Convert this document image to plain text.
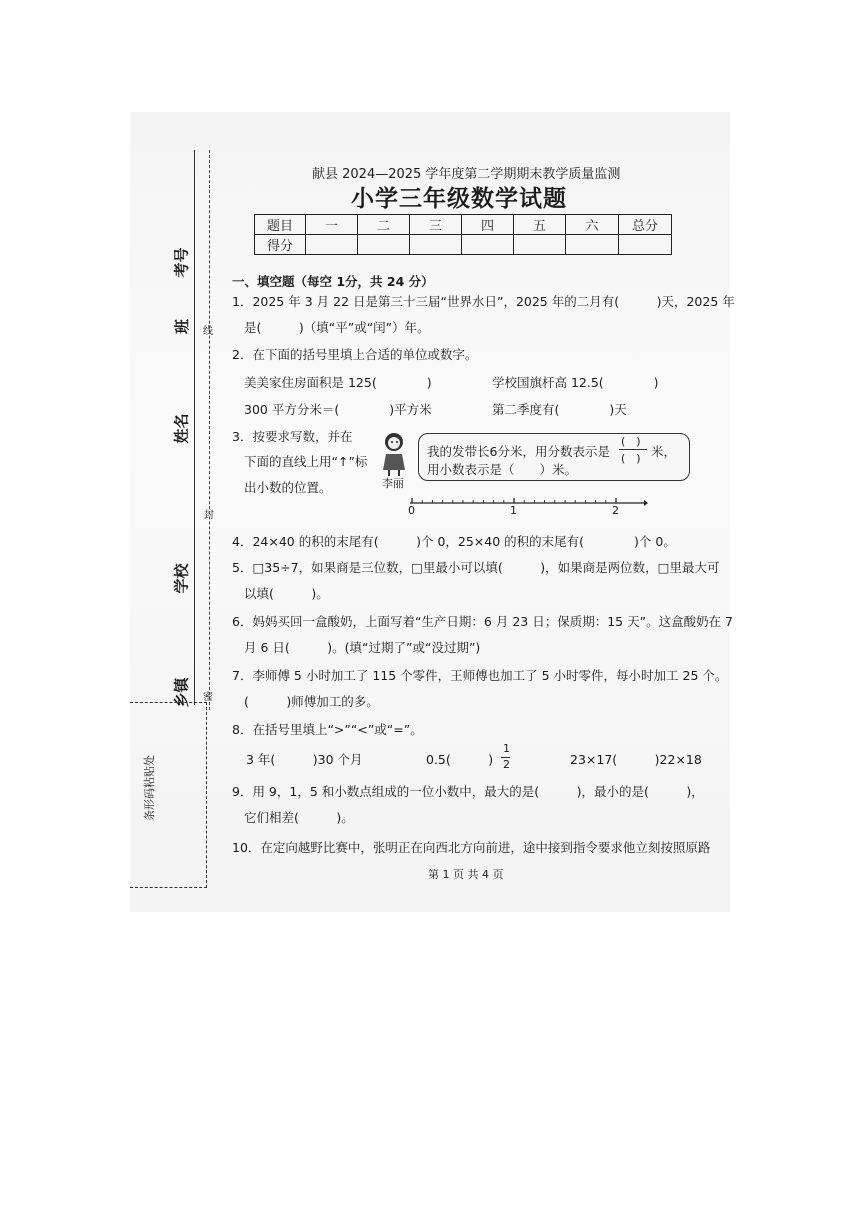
考号
班
姓名
学校
乡镇
线
封
密
条形码粘贴处
献县 2024—2025 学年度第二学期期末教学质量监测
小学三年级数学试题
题目	一	二	三	四	五	六	总分
得分							
一、填空题（每空 1分，共 24 分）
1．2025 年 3 月 22 日是第三十三届“世界水日”，2025 年的二月有(　　　)天，2025 年
是(　　　)（填“平”或“闰”）年。
2．在下面的括号里填上合适的单位或数字。
美美家住房面积是 125(　　　　)	学校国旗杆高 12.5(　　　　)
300 平方分米＝(　　　　)平方米	第二季度有(　　　　)天
3．按要求写数，并在
下面的直线上用“↑”标
出小数的位置。	李丽
我的发带长6分米，用分数表示是
(　)
(　) 米，
用小数表示是（　　）米。
0	1	2
4．24×40 的积的末尾有(　　　)个 0，25×40 的积的末尾有(　　　　)个 0。
5．□35÷7，如果商是三位数，□里最小可以填(　　　)，如果商是两位数，□里最大可
以填(　　　)。
6．妈妈买回一盒酸奶，上面写着“生产日期：6 月 23 日；保质期：15 天”。这盒酸奶在 7
月 6 日(　　　)。(填“过期了”或“没过期”)
7．李师傅 5 小时加工了 115 个零件，王师傅也加工了 5 小时零件，每小时加工 25 个。
(　　　)师傅加工的多。
8．在括号里填上“>”“<”或“=”。
3 年(　　　)30 个月	0.5(　　　)
1
2	23×17(　　　)22×18
9．用 9，1，5 和小数点组成的一位小数中，最大的是(　　　)，最小的是(　　　)，
它们相差(　　　)。
10．在定向越野比赛中，张明正在向西北方向前进，途中接到指令要求他立刻按照原路
第 1 页 共 4 页
